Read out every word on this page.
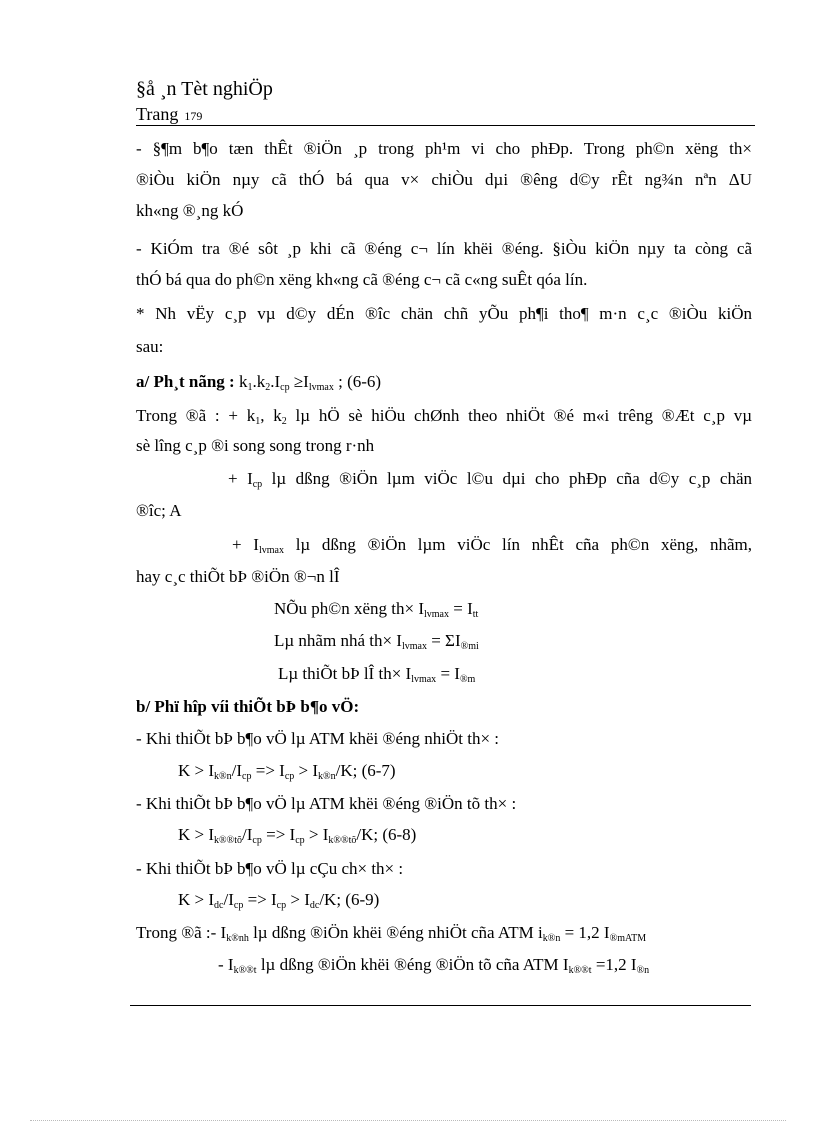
§å ¸n Tèt nghiÖp
Trang 179
- §¶m b¶o tæn thÊt ®iÖn ¸p trong ph¹m vi cho phÐp. Trong ph©n xëng th×
®iÒu kiÖn nµy cã thÓ bá qua v× chiÒu dµi ®êng d©y rÊt ng¾n nªn ΔU
kh«ng ®¸ng kÓ
- KiÓm tra ®é sôt ¸p khi cã ®éng c¬ lín khëi ®éng. §iÒu kiÖn nµy ta còng cã
thÓ bá qua do ph©n xëng kh«ng cã ®éng c¬ cã c«ng suÊt qóa lín.
* Nh vËy c¸p vµ d©y dÉn ®îc chän chñ yÕu ph¶i tho¶ m·n c¸c ®iÒu kiÖn
sau:
a/ Ph¸t nãng : $k_1.k_2.I_{cp} \ge I_{lvmax}$ ; (6-6)
Trong ®ã : + $k_1$, $k_2$ lµ hÖ sè hiÖu chØnh theo nhiÖt ®é m«i trêng ®Æt c¸p vµ
sè lîng c¸p ®i song song trong r·nh
+ $I_{cp}$ lµ dßng ®iÖn lµm viÖc l©u dµi cho phÐp cña d©y c¸p chän
®îc; A
+ $I_{lvmax}$ lµ dßng ®iÖn lµm viÖc lín nhÊt cña ph©n xëng, nhãm,
hay c¸c thiÕt bÞ ®iÖn ®¬n lÎ
NÕu ph©n xëng $th\times I_{lvmax} = I_{tt}$
Lµ nhãm nhá $th\times I_{lvmax} = \Sigma I_{®mi}$
Lµ thiÕt bÞ lÎ $th\times I_{lvmax} = I_{®m}$
b/ Phï hîp víi thiÕt bÞ b¶o vÖ:
- Khi thiÕt bÞ b¶o vÖ lµ ATM khëi ®éng nhiÖt th× :
$K > I_{k®n}/I_{cp} => I_{cp} > I_{k®n}/K$; (6-7)
- Khi thiÕt bÞ b¶o vÖ lµ ATM khëi ®éng ®iÖn tõ th× :
$K > I_{k®®tõ}/I_{cp} => I_{cp} > I_{k®®tõ}/K$; (6-8)
- Khi thiÕt bÞ b¶o vÖ lµ cÇu ch× th× :
$K > I_{dc}/I_{cp} => I_{cp} > I_{dc}/K$; (6-9)
Trong ®ã :- $I_{k®nh}$ lµ dßng ®iÖn khëi ®éng nhiÖt cña ATM $i_{k®n} = 1,2$ $I_{®mATM}$
- $I_{k®®t}$ lµ dßng ®iÖn khëi ®éng ®iÖn tõ cña ATM $I_{k®®t} =1,2$ $I_{®n}$
